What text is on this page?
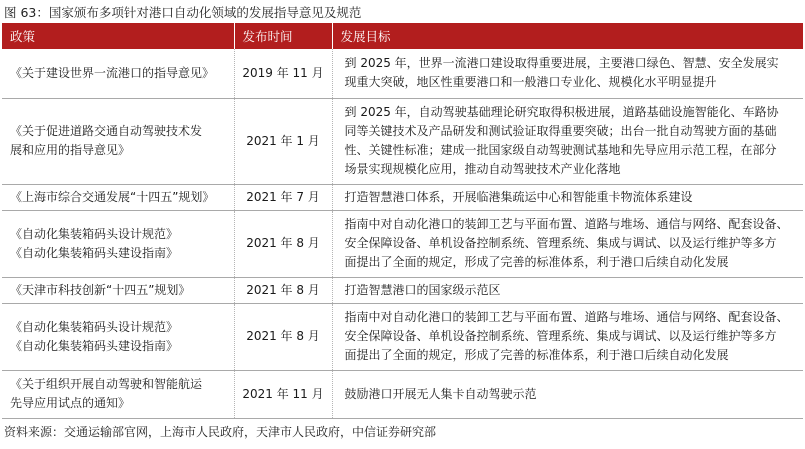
图 63：国家颁布多项针对港口自动化领域的发展指导意见及规范
政策	发布时间	发展目标

《关于建设世界一流港口的指导意见》	2019 年 11 月	到 2025 年，世界一流港口建设取得重要进展，主要港口绿色、智慧、安全发展实
现重大突破，地区性重要港口和一般港口专业化、规模化水平明显提升

《关于促进道路交通自动驾驶技术发
展和应用的指导意见》	2021 年 1 月	到 2025 年，自动驾驶基础理论研究取得积极进展，道路基础设施智能化、车路协
同等关键技术及产品研发和测试验证取得重要突破；出台一批自动驾驶方面的基础
性、关键性标准；建成一批国家级自动驾驶测试基地和先导应用示范工程，在部分
场景实现规模化应用，推动自动驾驶技术产业化落地

《上海市综合交通发展“十四五”规划》	2021 年 7 月	打造智慧港口体系，开展临港集疏运中心和智能重卡物流体系建设

《自动化集装箱码头设计规范》
《自动化集装箱码头建设指南》	2021 年 8 月	指南中对自动化港口的装卸工艺与平面布置、道路与堆场、通信与网络、配套设备、
安全保障设备、单机设备控制系统、管理系统、集成与调试、以及运行维护等多方
面提出了全面的规定，形成了完善的标准体系，利于港口后续自动化发展

《天津市科技创新“十四五”规划》	2021 年 8 月	打造智慧港口的国家级示范区

《自动化集装箱码头设计规范》
《自动化集装箱码头建设指南》	2021 年 8 月	指南中对自动化港口的装卸工艺与平面布置、道路与堆场、通信与网络、配套设备、
安全保障设备、单机设备控制系统、管理系统、集成与调试、以及运行维护等多方
面提出了全面的规定，形成了完善的标准体系，利于港口后续自动化发展

《关于组织开展自动驾驶和智能航运
先导应用试点的通知》	2021 年 11 月	鼓励港口开展无人集卡自动驾驶示范
资料来源：交通运输部官网，上海市人民政府，天津市人民政府，中信证券研究部
